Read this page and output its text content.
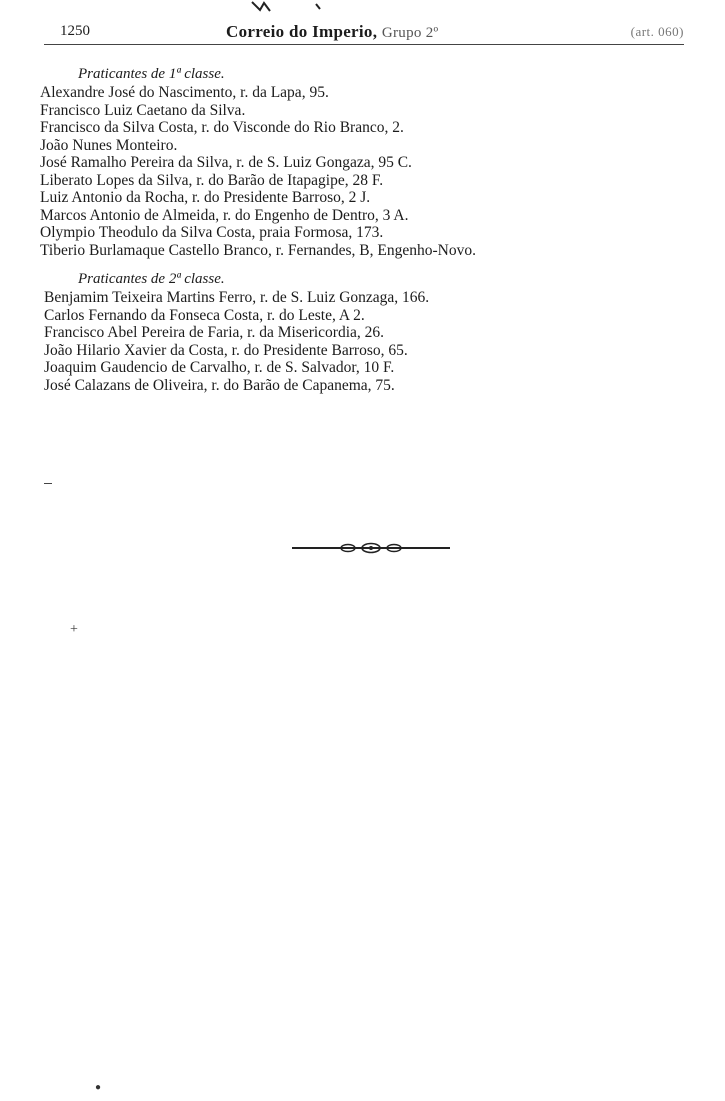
1250	Correio do Imperio, Grupo 2º	(art. 060)
Praticantes de 1ª classe.
Alexandre José do Nascimento, r. da Lapa, 95.
Francisco Luiz Caetano da Silva.
Francisco da Silva Costa, r. do Visconde do Rio Branco, 2.
João Nunes Monteiro.
José Ramalho Pereira da Silva, r. de S. Luiz Gongaza, 95 C.
Liberato Lopes da Silva, r. do Barão de Itapagipe, 28 F.
Luiz Antonio da Rocha, r. do Presidente Barroso, 2 J.
Marcos Antonio de Almeida, r. do Engenho de Dentro, 3 A.
Olympio Theodulo da Silva Costa, praia Formosa, 173.
Tiberio Burlamaque Castello Branco, r. Fernandes, B, Engenho-Novo.
Praticantes de 2ª classe.
Benjamim Teixeira Martins Ferro, r. de S. Luiz Gonzaga, 166.
Carlos Fernando da Fonseca Costa, r. do Leste, A 2.
Francisco Abel Pereira de Faria, r. da Misericordia, 26.
João Hilario Xavier da Costa, r. do Presidente Barroso, 65.
Joaquim Gaudencio de Carvalho, r. de S. Salvador, 10 F.
José Calazans de Oliveira, r. do Barão de Capanema, 75.
+
●
